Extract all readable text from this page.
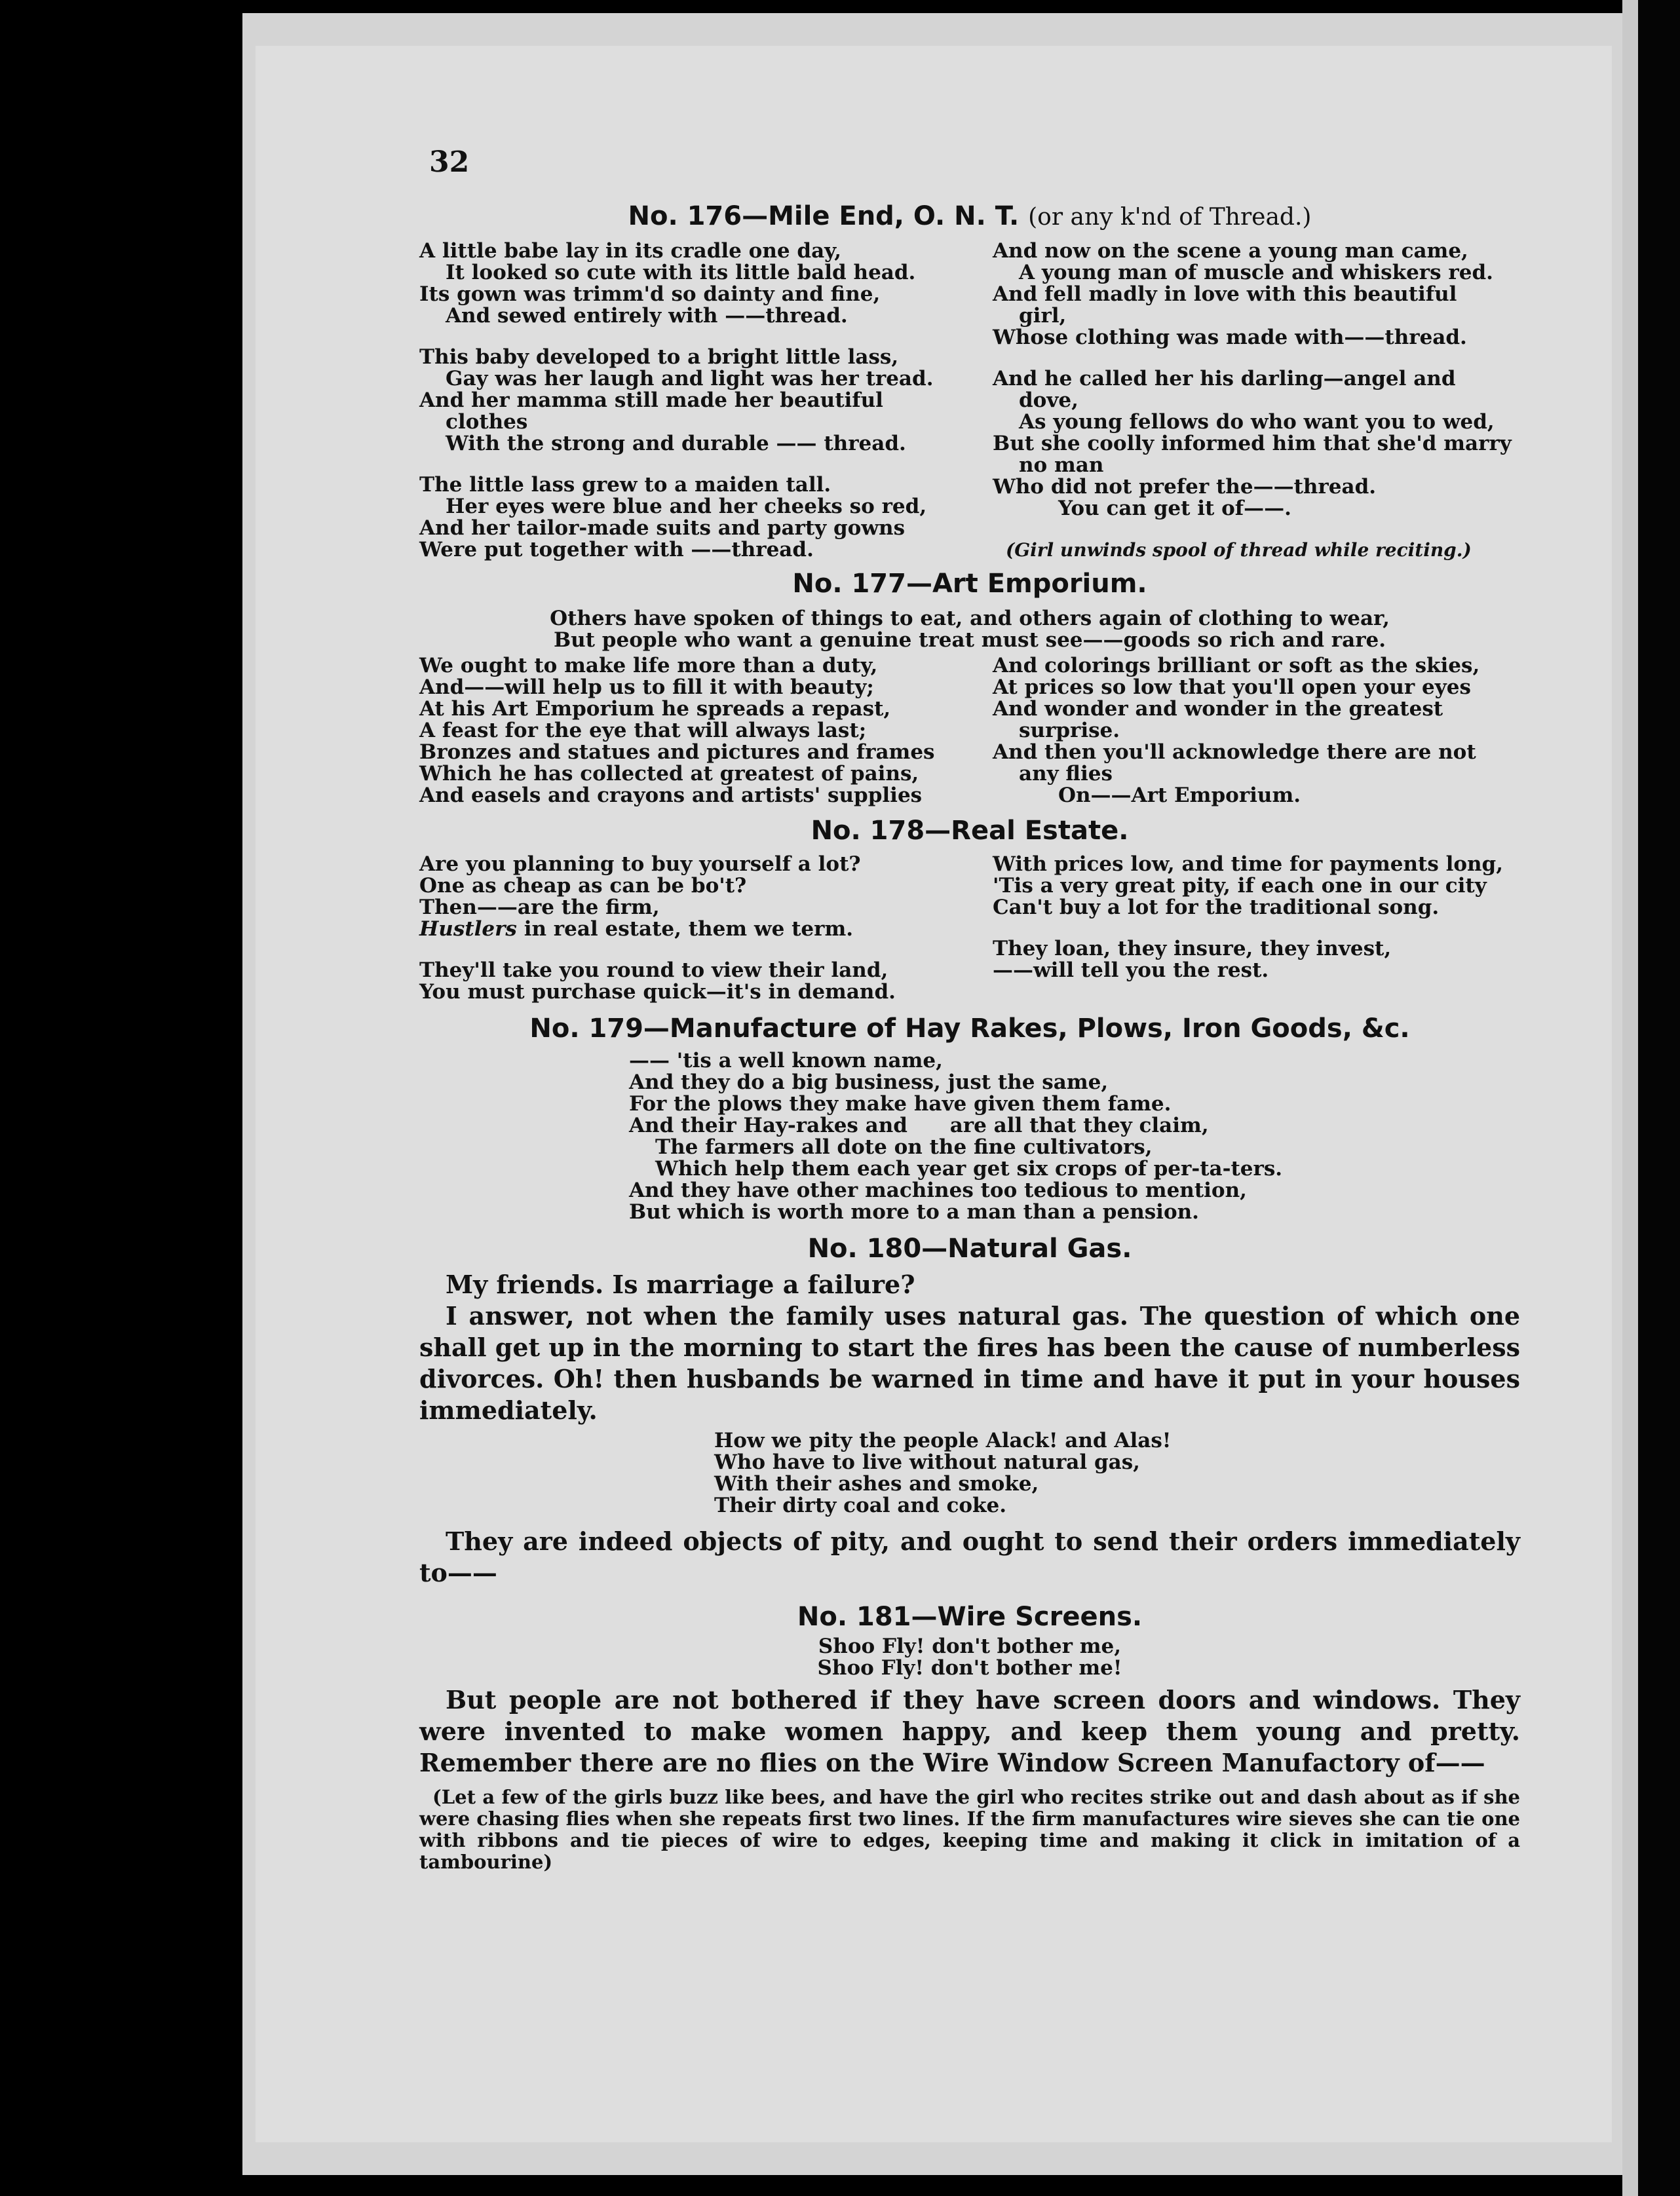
32
No. 176—Mile End, O. N. T. (or any k'nd of Thread.)
A little babe lay in its cradle one day,
It looked so cute with its little bald head.
Its gown was trimm'd so dainty and fine,
And sewed entirely with ——thread.
This baby developed to a bright little lass,
Gay was her laugh and light was her tread.
And her mamma still made her beautiful
clothes
With the strong and durable —— thread.
The little lass grew to a maiden tall.
Her eyes were blue and her cheeks so red,
And her tailor-made suits and party gowns
Were put together with ——thread.
And now on the scene a young man came,
A young man of muscle and whiskers red.
And fell madly in love with this beautiful
girl,
Whose clothing was made with——thread.
And he called her his darling—angel and
dove,
As young fellows do who want you to wed,
But she coolly informed him that she'd marry
no man
Who did not prefer the——thread.
You can get it of——.
(Girl unwinds spool of thread while reciting.)
No. 177—Art Emporium.
Others have spoken of things to eat, and others again of clothing to wear,
But people who want a genuine treat must see——goods so rich and rare.
We ought to make life more than a duty,
And——will help us to fill it with beauty;
At his Art Emporium he spreads a repast,
A feast for the eye that will always last;
Bronzes and statues and pictures and frames
Which he has collected at greatest of pains,
And easels and crayons and artists' supplies
And colorings brilliant or soft as the skies,
At prices so low that you'll open your eyes
And wonder and wonder in the greatest
surprise.
And then you'll acknowledge there are not
any flies
On——Art Emporium.
No. 178—Real Estate.
Are you planning to buy yourself a lot?
One as cheap as can be bo't?
Then——are the firm,
Hustlers in real estate, them we term.
They'll take you round to view their land,
You must purchase quick—it's in demand.
With prices low, and time for payments long,
'Tis a very great pity, if each one in our city
Can't buy a lot for the traditional song.
They loan, they insure, they invest,
——will tell you the rest.
No. 179—Manufacture of Hay Rakes, Plows, Iron Goods, &c.
—— 'tis a well known name,
And they do a big business, just the same,
For the plows they make have given them fame.
And their Hay-rakes and      are all that they claim,
The farmers all dote on the fine cultivators,
Which help them each year get six crops of per-ta-ters.
And they have other machines too tedious to mention,
But which is worth more to a man than a pension.
No. 180—Natural Gas.
My friends. Is marriage a failure?
I answer, not when the family uses natural gas. The question of which one shall get up in the morning to start the fires has been the cause of numberless divorces. Oh! then husbands be warned in time and have it put in your houses immediately.
How we pity the people Alack! and Alas!
Who have to live without natural gas,
With their ashes and smoke,
Their dirty coal and coke.
They are indeed objects of pity, and ought to send their orders immediately to——
No. 181—Wire Screens.
Shoo Fly! don't bother me,
Shoo Fly! don't bother me!
But people are not bothered if they have screen doors and windows. They were invented to make women happy, and keep them young and pretty. Remember there are no flies on the Wire Window Screen Manufactory of——
(Let a few of the girls buzz like bees, and have the girl who recites strike out and dash about as if she were chasing flies when she repeats first two lines. If the firm manufactures wire sieves she can tie one with ribbons and tie pieces of wire to edges, keeping time and making it click in imitation of a tambourine)
